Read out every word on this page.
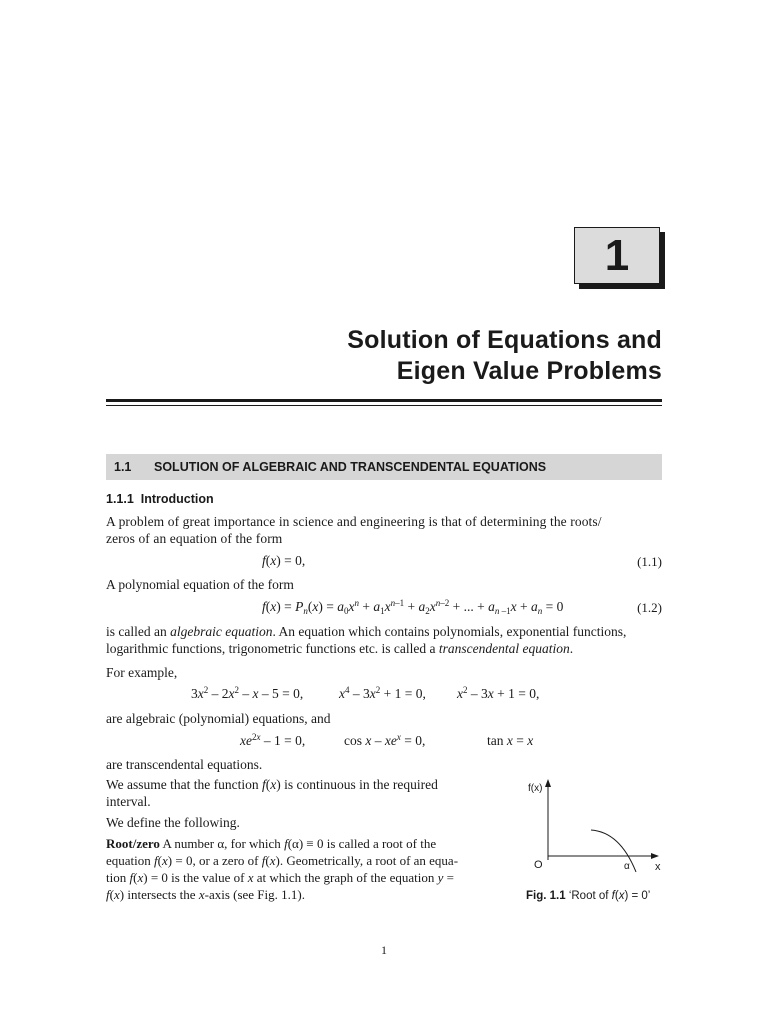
1
Solution of Equations and
Eigen Value Problems
1.1	SOLUTION OF ALGEBRAIC AND TRANSCENDENTAL EQUATIONS
1.1.1 Introduction
A problem of great importance in science and engineering is that of determining the roots/
zeros of an equation of the form
f(x) = 0,	(1.1)
A polynomial equation of the form
$f(x) = P_n(x) = a_0x^n + a_1x^{n-1} + a_2x^{n-2}$ + ... + $a_{n -1}x + a_n = 0$	(1.2)
is called an algebraic equation. An equation which contains polynomials, exponential functions,
logarithmic functions, trigonometric functions etc. is called a transcendental equation.
For example,
$3x^2 - 2x^2 - x - 5 = 0$,	$x^4 - 3x^2 + 1 = 0$, $x^2 - 3x + 1 = 0$,
are algebraic (polynomial) equations, and
$xe^{2x} - 1 = 0$,	$\cos x - xe^x = 0$,	tan x = x
are transcendental equations.
We assume that the function f(x) is continuous in the required
interval.
We define the following.
Root/zero A number α, for which f(α) ≡ 0 is called a root of the
equation f(x) = 0, or a zero of f(x). Geometrically, a root of an equa-
tion f(x) = 0 is the value of x at which the graph of the equation y =
f(x) intersects the x-axis (see Fig. 1.1).
f(x)
x
O	α
Fig. 1.1 ‘Root of f(x) = 0’
1
